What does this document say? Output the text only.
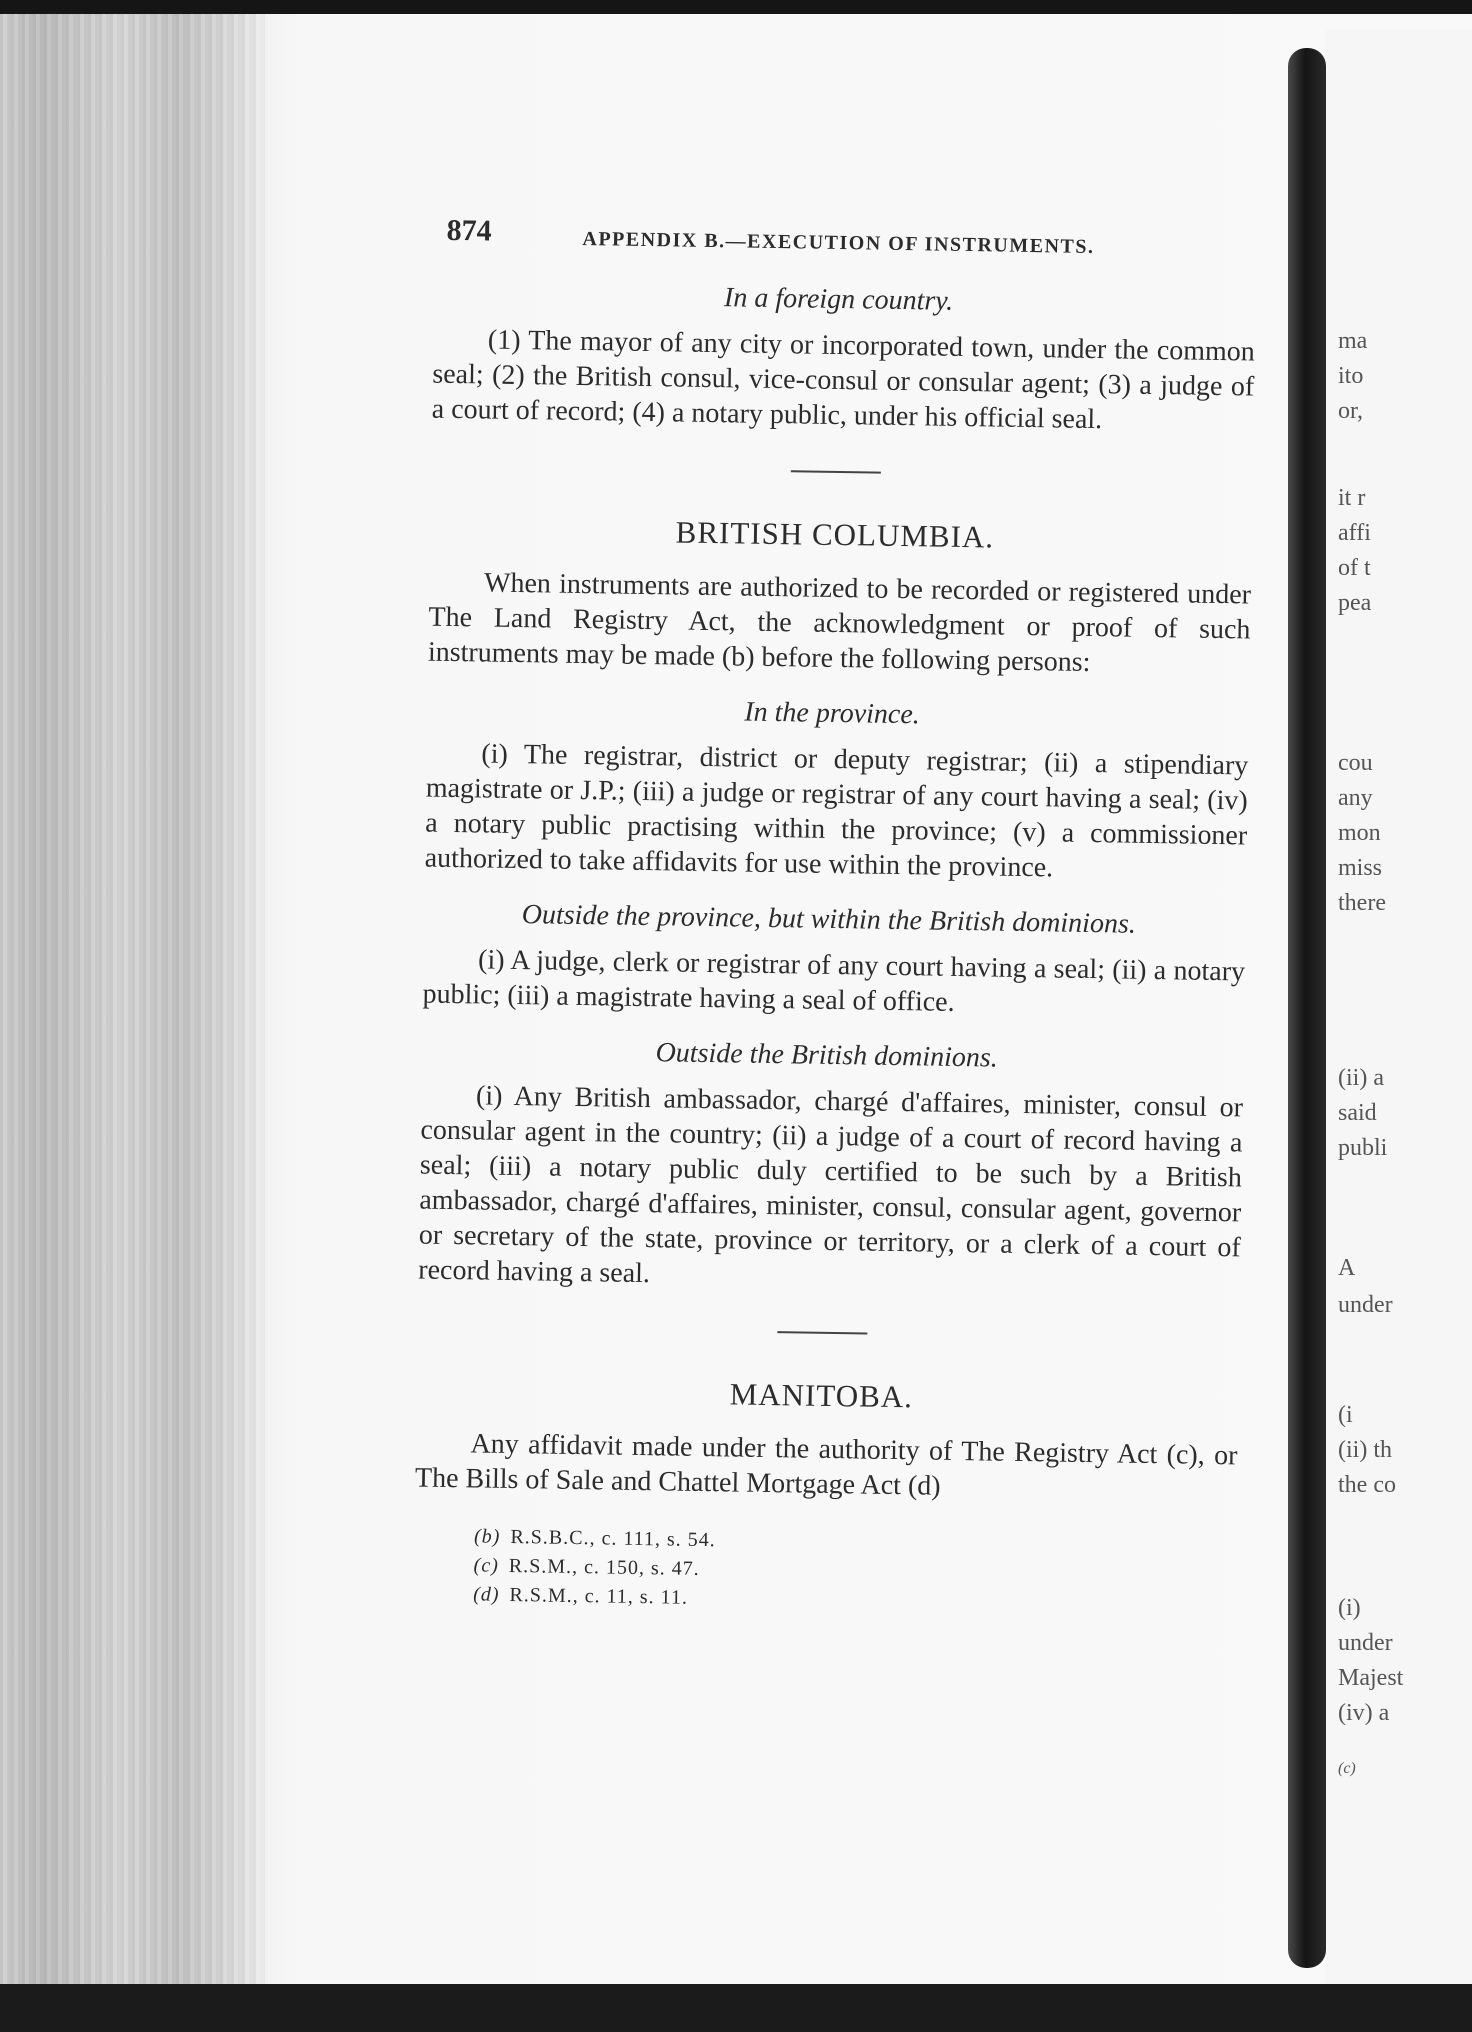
ma
ito
or,
it r
affi
of t
pea
cou
any
mon
miss
there
(ii) a
said
publi
A
under
(i
(ii) th
the co
(i)
under
Majest
(iv) a
(c)
874	APPENDIX B.—EXECUTION OF INSTRUMENTS.
In a foreign country.

(1) The mayor of any city or incorporated town, under the common seal; (2) the British consul, vice-consul or consular agent; (3) a judge of a court of record; (4) a notary public, under his official seal.

BRITISH COLUMBIA.

When instruments are authorized to be recorded or registered under The Land Registry Act, the acknowledgment or proof of such instruments may be made (b) before the following persons:

In the province.

(i) The registrar, district or deputy registrar; (ii) a stipendiary magistrate or J.P.; (iii) a judge or registrar of any court having a seal; (iv) a notary public practising within the province; (v) a commissioner authorized to take affidavits for use within the province.

Outside the province, but within the British dominions.

(i) A judge, clerk or registrar of any court having a seal; (ii) a notary public; (iii) a magistrate having a seal of office.

Outside the British dominions.

(i) Any British ambassador, chargé d'affaires, minister, consul or consular agent in the country; (ii) a judge of a court of record having a seal; (iii) a notary public duly certified to be such by a British ambassador, chargé d'affaires, minister, consul, consular agent, governor or secretary of the state, province or territory, or a clerk of a court of record having a seal.

MANITOBA.

Any affidavit made under the authority of The Registry Act (c), or The Bills of Sale and Chattel Mortgage Act (d)

(b) R.S.B.C., c. 111, s. 54.
(c) R.S.M., c. 150, s. 47.
(d) R.S.M., c. 11, s. 11.
